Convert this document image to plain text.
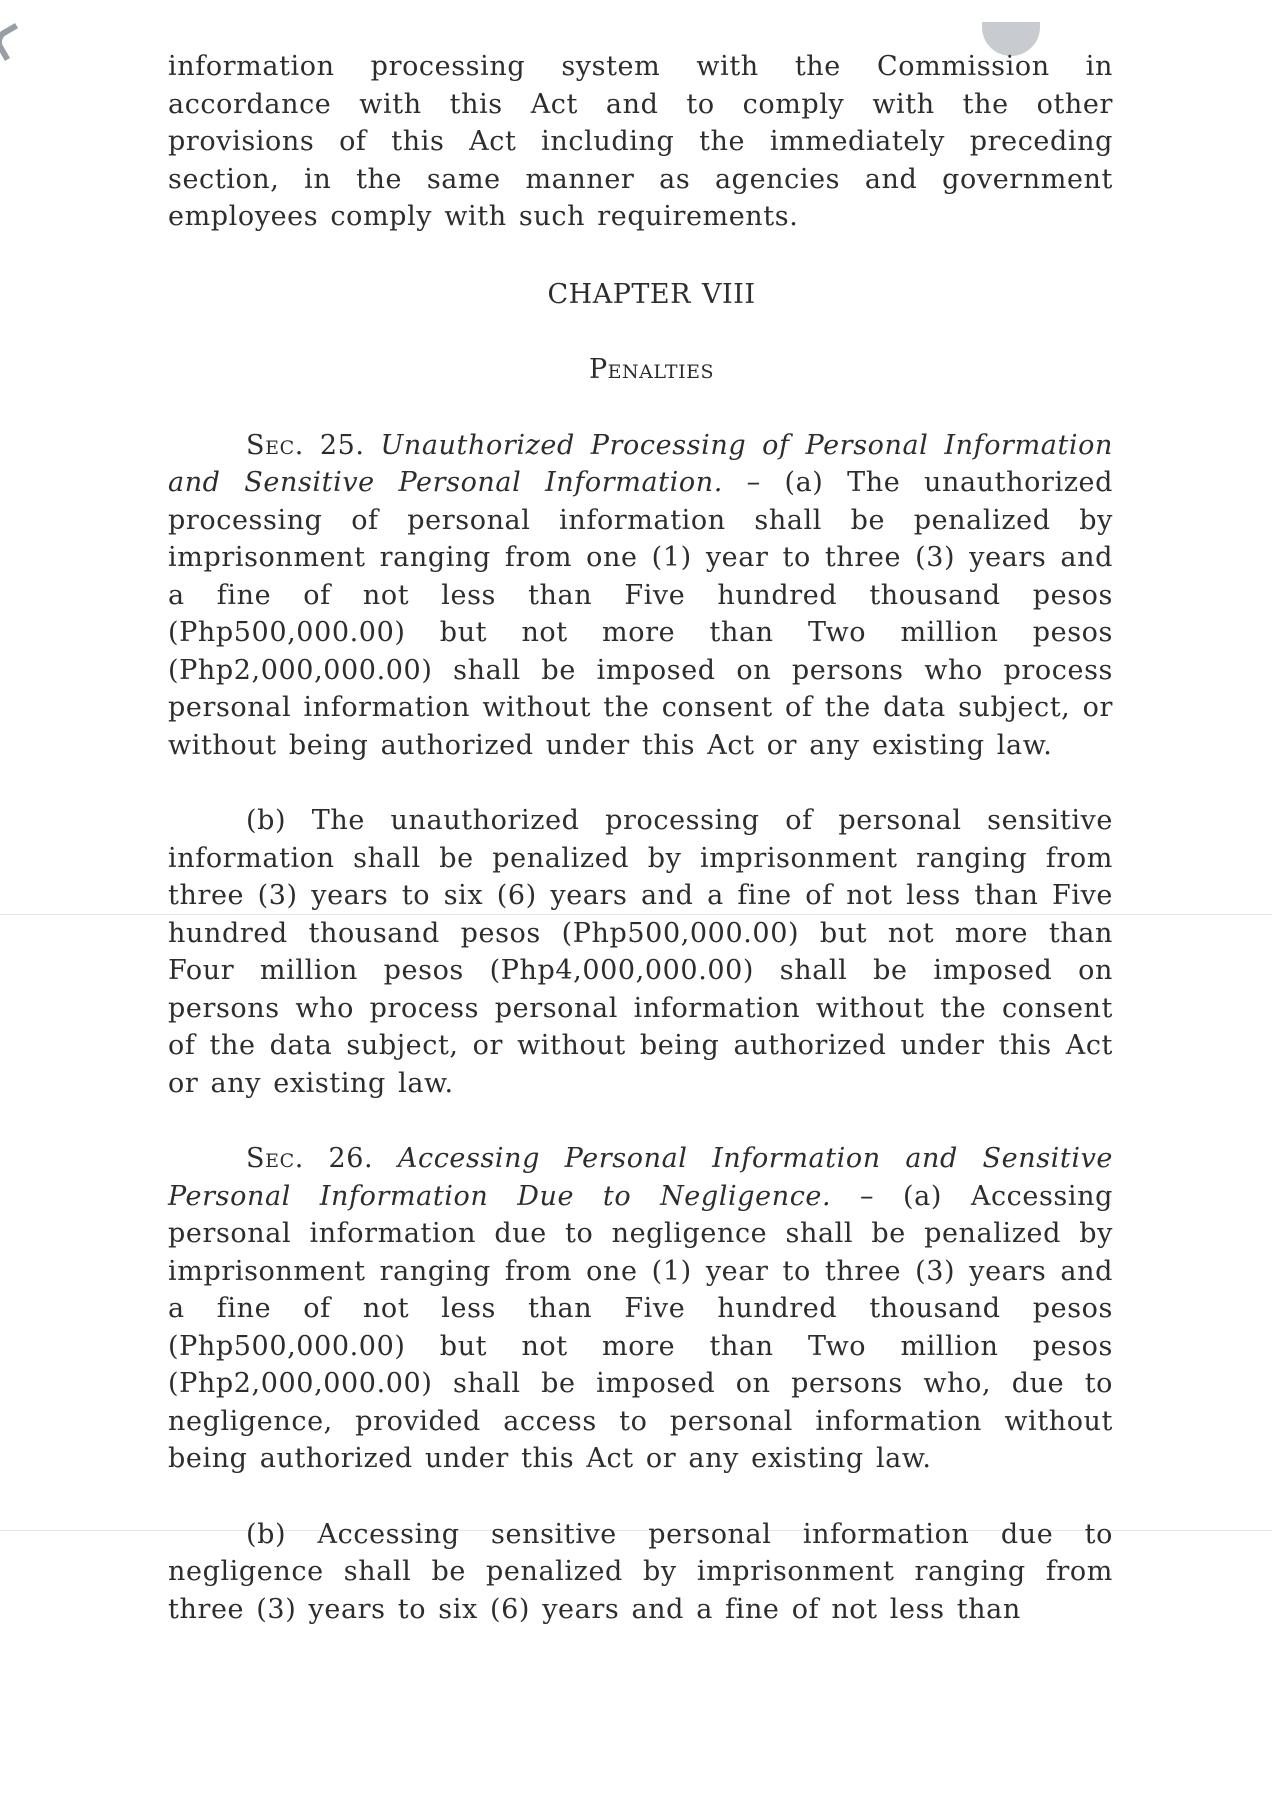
information processing system with the Commission in accordance with this Act and to comply with the other provisions of this Act including the immediately preceding section, in the same manner as agencies and government employees comply with such requirements.

CHAPTER VIII

Penalties

Sec. 25. Unauthorized Processing of Personal Information and Sensitive Personal Information. – (a) The unauthorized processing of personal information shall be penalized by imprisonment ranging from one (1) year to three (3) years and a fine of not less than Five hundred thousand pesos (Php500,000.00) but not more than Two million pesos (Php2,000,000.00) shall be imposed on persons who process personal information without the consent of the data subject, or without being authorized under this Act or any existing law.

(b) The unauthorized processing of personal sensitive information shall be penalized by imprisonment ranging from three (3) years to six (6) years and a fine of not less than Five hundred thousand pesos (Php500,000.00) but not more than Four million pesos (Php4,000,000.00) shall be imposed on persons who process personal information without the consent of the data subject, or without being authorized under this Act or any existing law.

Sec. 26. Accessing Personal Information and Sensitive Personal Information Due to Negligence. – (a) Accessing personal information due to negligence shall be penalized by imprisonment ranging from one (1) year to three (3) years and a fine of not less than Five hundred thousand pesos (Php500,000.00) but not more than Two million pesos (Php2,000,000.00) shall be imposed on persons who, due to negligence, provided access to personal information without being authorized under this Act or any existing law.

(b) Accessing sensitive personal information due to negligence shall be penalized by imprisonment ranging from three (3) years to six (6) years and a fine of not less than
